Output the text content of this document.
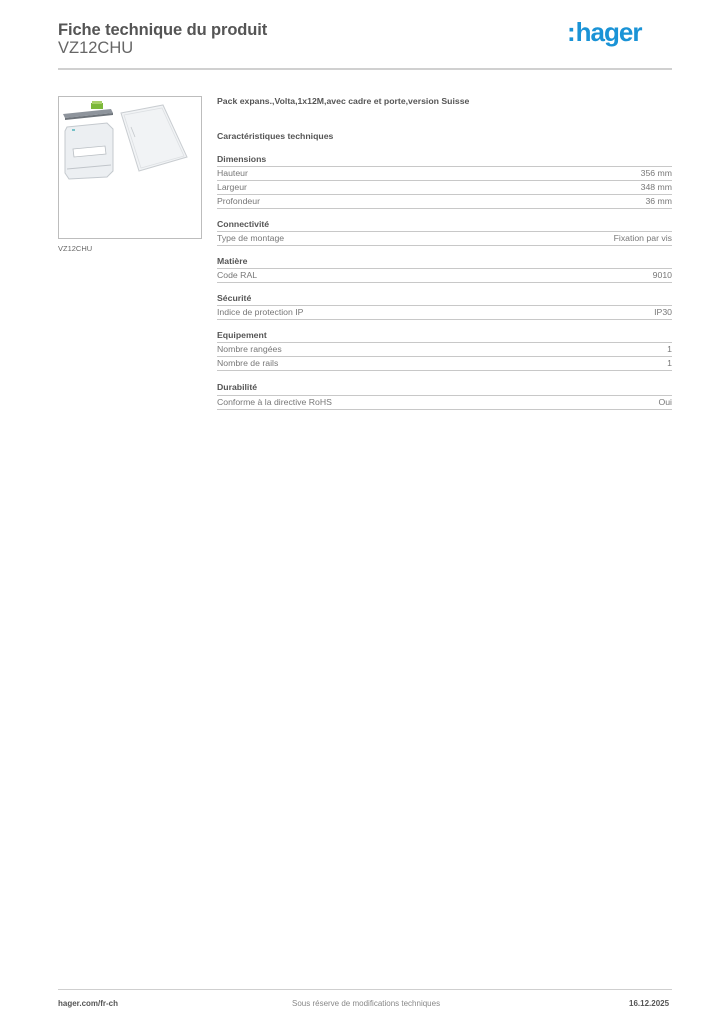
Fiche technique du produit
VZ12CHU
:hager
VZ12CHU
Pack expans.,Volta,1x12M,avec cadre et porte,version Suisse
Caractéristiques techniques
Dimensions
Hauteur	356 mm
Largeur	348 mm
Profondeur	36 mm
Connectivité
Type de montage	Fixation par vis
Matière
Code RAL	9010
Sécurité
Indice de protection IP	IP30
Equipement
Nombre rangées	1
Nombre de rails	1
Durabilité
Conforme à la directive RoHS	Oui
hager.com/fr-ch	Sous réserve de modifications techniques	16.12.2025
